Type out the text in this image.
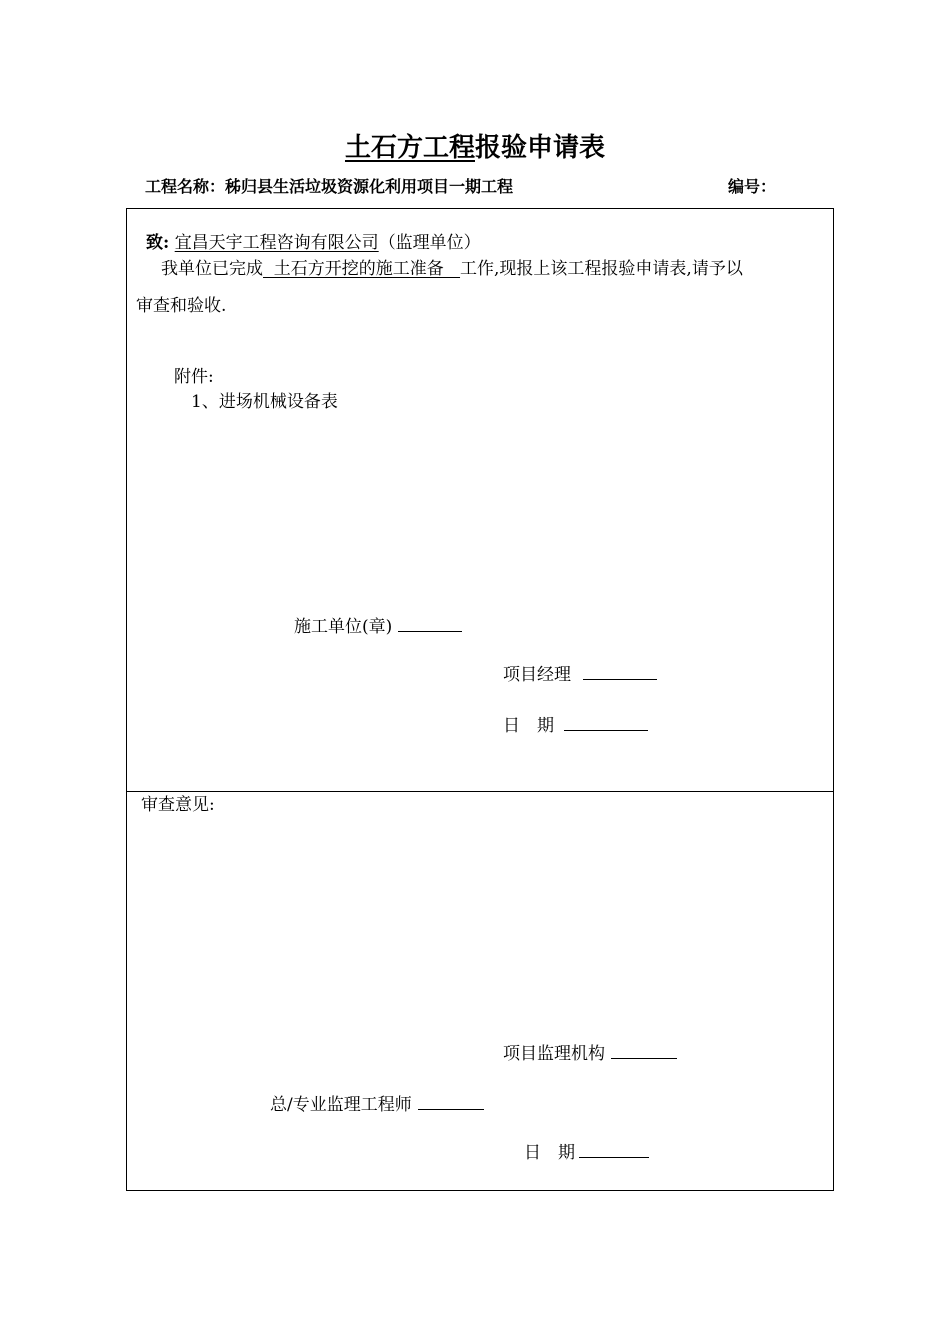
土石方工程报验申请表
工程名称：秭归县生活垃圾资源化利用项目一期工程	编号：
致: 宜昌天宇工程咨询有限公司（监理单位）
我单位已完成  土石方开挖的施工准备   工作,现报上该工程报验申请表,请予以
审查和验收.
附件:
1、进场机械设备表
施工单位(章)
项目经理
日　期
审查意见:
项目监理机构
总/专业监理工程师
日　期
